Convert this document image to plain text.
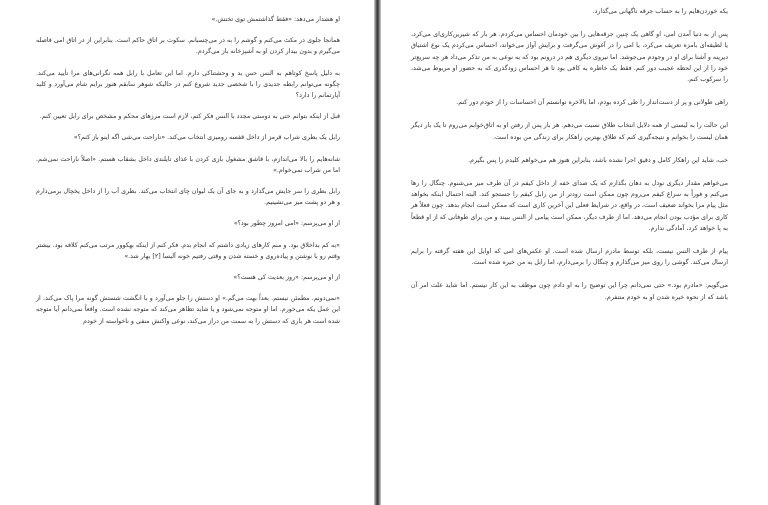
او هشدار می‌دهد: «فقط گذاشتمش توی تختش.»

همانجا جلوی در مکث می‌کنم و گوشم را به در می‌چسبانم. سکوت بر اتاق حاکم است. بنابراین از در اتاق امی فاصله می‌گیرم و بدون بیدار کردن او به آشپزخانه باز می‌گردم.

به دلیل پاسخ کوتاهم به النس حس بد و وحشتناکی دارم. اما این تعامل با رابل همه نگرانی‌های مرا تأیید می‌کند. چگونه می‌توانم رابطه جدیدی را با شخصی جدید شروع کنم در حالیکه شوهر سابقم هنوز برایم شام می‌آورد و کلید آپارتمانم را دارد؟

قبل از اینکه بتوانم حتی به دوستی مجدد با النس فکر کنم، لازم است مرزهای محکم و مشخص برای رابل تعیین کنم.

رابل یک بطری شراب قرمز از داخل قفسه رومیزی انتخاب می‌کند. «ناراحت می‌شی اگه اینو باز کنم؟»

شانه‌هایم را بالا می‌اندازم، با قاشق مشغول بازی کردن با غذای تایلندی داخل بشقاب هستم. «اصلاً ناراحت نمی‌شم. اما من شراب نمی‌خوام.»

رابل بطری را سر جایش می‌گذارد و به جای آن یک لیوان چای انتخاب می‌کند. بطری آب را از داخل یخچال برمی‌دارم و هر دو پشت میز می‌نشینیم.

از او می‌پرسم: «امی امروز چطور بود؟»

«به کم بداخلاق بود. و منم کارهای زیادی داشتم که انجام بدم. فکر کنم از اینکه بهکوور مرتب می‌کنم کلافه بود. بیشتر وقتم رو با نوشتن و پیاده‌روی و خسته شدن و وقتی رفتیم خونه آلیسا [۲] بهار شد.»

از او می‌پرسم: «روز بعدیت کی هست؟»

«نمی‌دونم. مطمئن نیستم. بعداً بهت می‌گم.» او دستش را جلو می‌آورد و با انگشت شستش گونه مرا پاک می‌کند. از این عمل یکه می‌خورم. اما او متوجه نمی‌شود و یا شاید تظاهر می‌کند که متوجه نشده است. واقعاً نمی‌دانم آیا متوجه شده است هر باری که دستش را به سمت من دراز می‌کند، نوعی واکنش منفی و ناخواسته از خودم

یکه خوردن‌هایم را به حساب جرقه ناگهانی می‌گذارد.

پس از به دنیا آمدن امی، او گاهی یک چنین جرقه‌هایی را بین خودمان احساس می‌کردم. هر بار که شیرین‌کاری‌ای می‌کرد، یا لطیفه‌ای بامزه تعریف می‌کرد، یا امی را در آغوش می‌گرفت و برایش آواز می‌خواند، احساس می‌کردم یک نوع اشتیاق دیرینه و آشنا برای او در وجودم می‌جوشد. اما نیروی دیگری هم در درونم بود که به نوعی به من تذکر می‌داد هر چه سریع‌تر خود را از این لحظه عجیب دور کنم. فقط یک خاطره به کافی بود تا هر احساس زودگذری که به حضور او مربوط می‌شد، را سرکوب کنم.

راهی طولانی و پر از دست‌انداز را طی کرده بودم، اما بالاخره توانستم آن احساسات را از خودم دور کنم.

این حالت را به لیستی از همه دلایل انتخاب طلاق نسبت می‌دهم. هر بار پس از رفتن او به اتاق‌خوابم می‌روم تا یک بار دیگر همان لیست را بخوانم و نتیجه‌گیری کنم که طلاق بهترین راهکار برای زندگی من بوده است.

خب، شاید این راهکار کامل و دقیق اجرا نشده باشد، بنابراین هنوز هم می‌خواهم کلیدم را پس بگیرم.

می‌خواهم مقدار دیگری نودل به دهان بگذارم که یک صدای خفه از داخل کیفم در آن طرف میز می‌شنوم. چنگال را رها می‌کنم و فوراً به سراغ کیفم می‌روم چون ممکن است زودتر از من رابل کیفم را جستجو کند. البته احتمال اینکه بخواهد مثل پیام مرا بخواند ضعیف است، در واقع، در شرایط فعلی این آخرین کاری است که ممکن است انجام بدهد. چون فعلاً هر کاری برای مؤدب بودن انجام می‌دهد. اما از طرف دیگر، ممکن است پیامی از النس ببیند و من برای طوفانی که از او قطعاً به پا خواهد کرد، آمادگی ندارم.

پیام از طرف النس نیست، بلکه توسط مادرم ارسال شده است. او عکس‌های امی که اوایل این هفته گرفته را برایم ارسال می‌کند. گوشی را روی میز می‌گذارم و چنگال را برمی‌دارم، اما رابل به من خیره شده است.

می‌گویم: «مادرم بود.» حتی نمی‌دانم چرا این توضیح را به او دادم چون موظف به این کار نیستم. اما شاید علت امر آن باشد که از نحوه خیره شدن او به خودم متنفرم.
